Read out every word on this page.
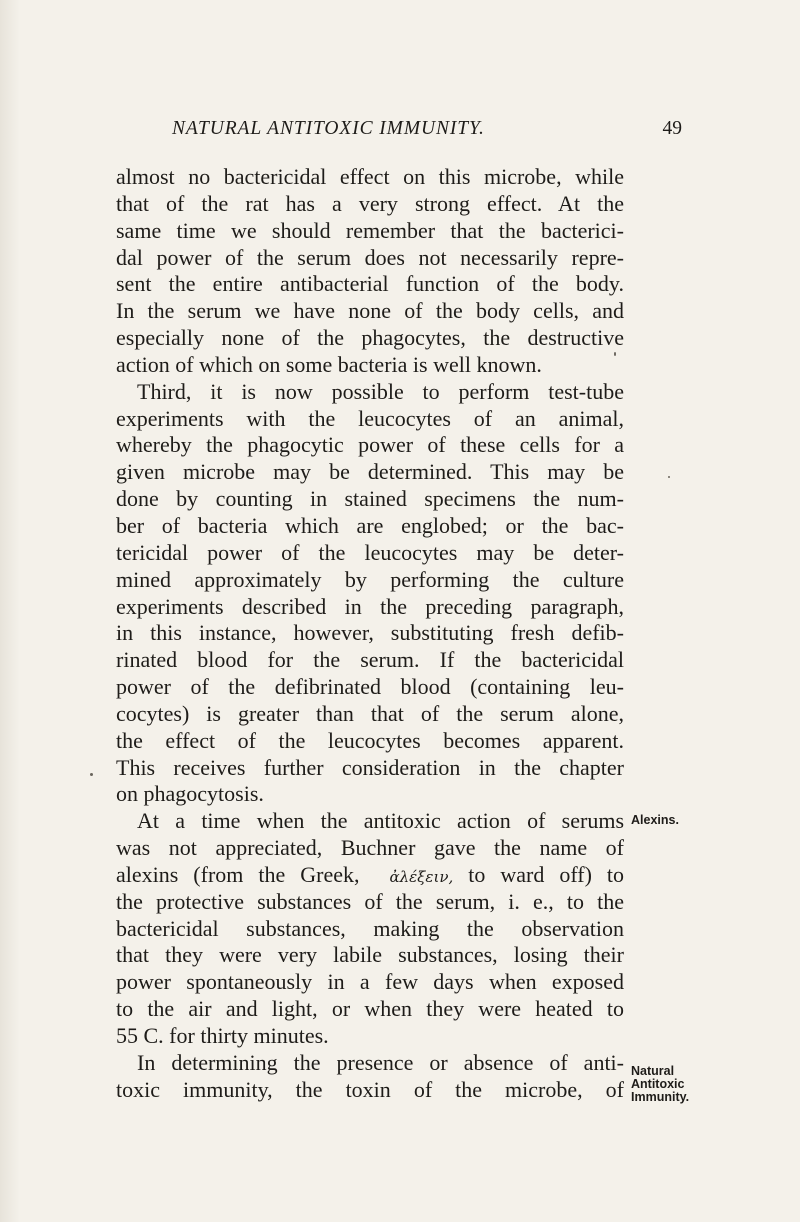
NATURAL ANTITOXIC IMMUNITY.	49
almost no bactericidal effect on this microbe, while
that of the rat has a very strong effect. At the
same time we should remember that the bacterici-
dal power of the serum does not necessarily repre-
sent the entire antibacterial function of the body.
In the serum we have none of the body cells, and
especially none of the phagocytes, the destructive
action of which on some bacteria is well known.
Third, it is now possible to perform test-tube
experiments with the leucocytes of an animal,
whereby the phagocytic power of these cells for a
given microbe may be determined. This may be
done by counting in stained specimens the num-
ber of bacteria which are englobed; or the bac-
tericidal power of the leucocytes may be deter-
mined approximately by performing the culture
experiments described in the preceding paragraph,
in this instance, however, substituting fresh defib-
rinated blood for the serum. If the bactericidal
power of the defibrinated blood (containing leu-
cocytes) is greater than that of the serum alone,
the effect of the leucocytes becomes apparent.
This receives further consideration in the chapter
on phagocytosis.
At a time when the antitoxic action of serums
was not appreciated, Buchner gave the name of
alexins (from the Greek, ἀλέξειν, to ward off) to
the protective substances of the serum, i. e., to the
bactericidal substances, making the observation
that they were very labile substances, losing their
power spontaneously in a few days when exposed
to the air and light, or when they were heated to
55 C. for thirty minutes.
In determining the presence or absence of anti-
toxic immunity, the toxin of the microbe, of
Alexins.
Natural
Antitoxic
Immunity.
